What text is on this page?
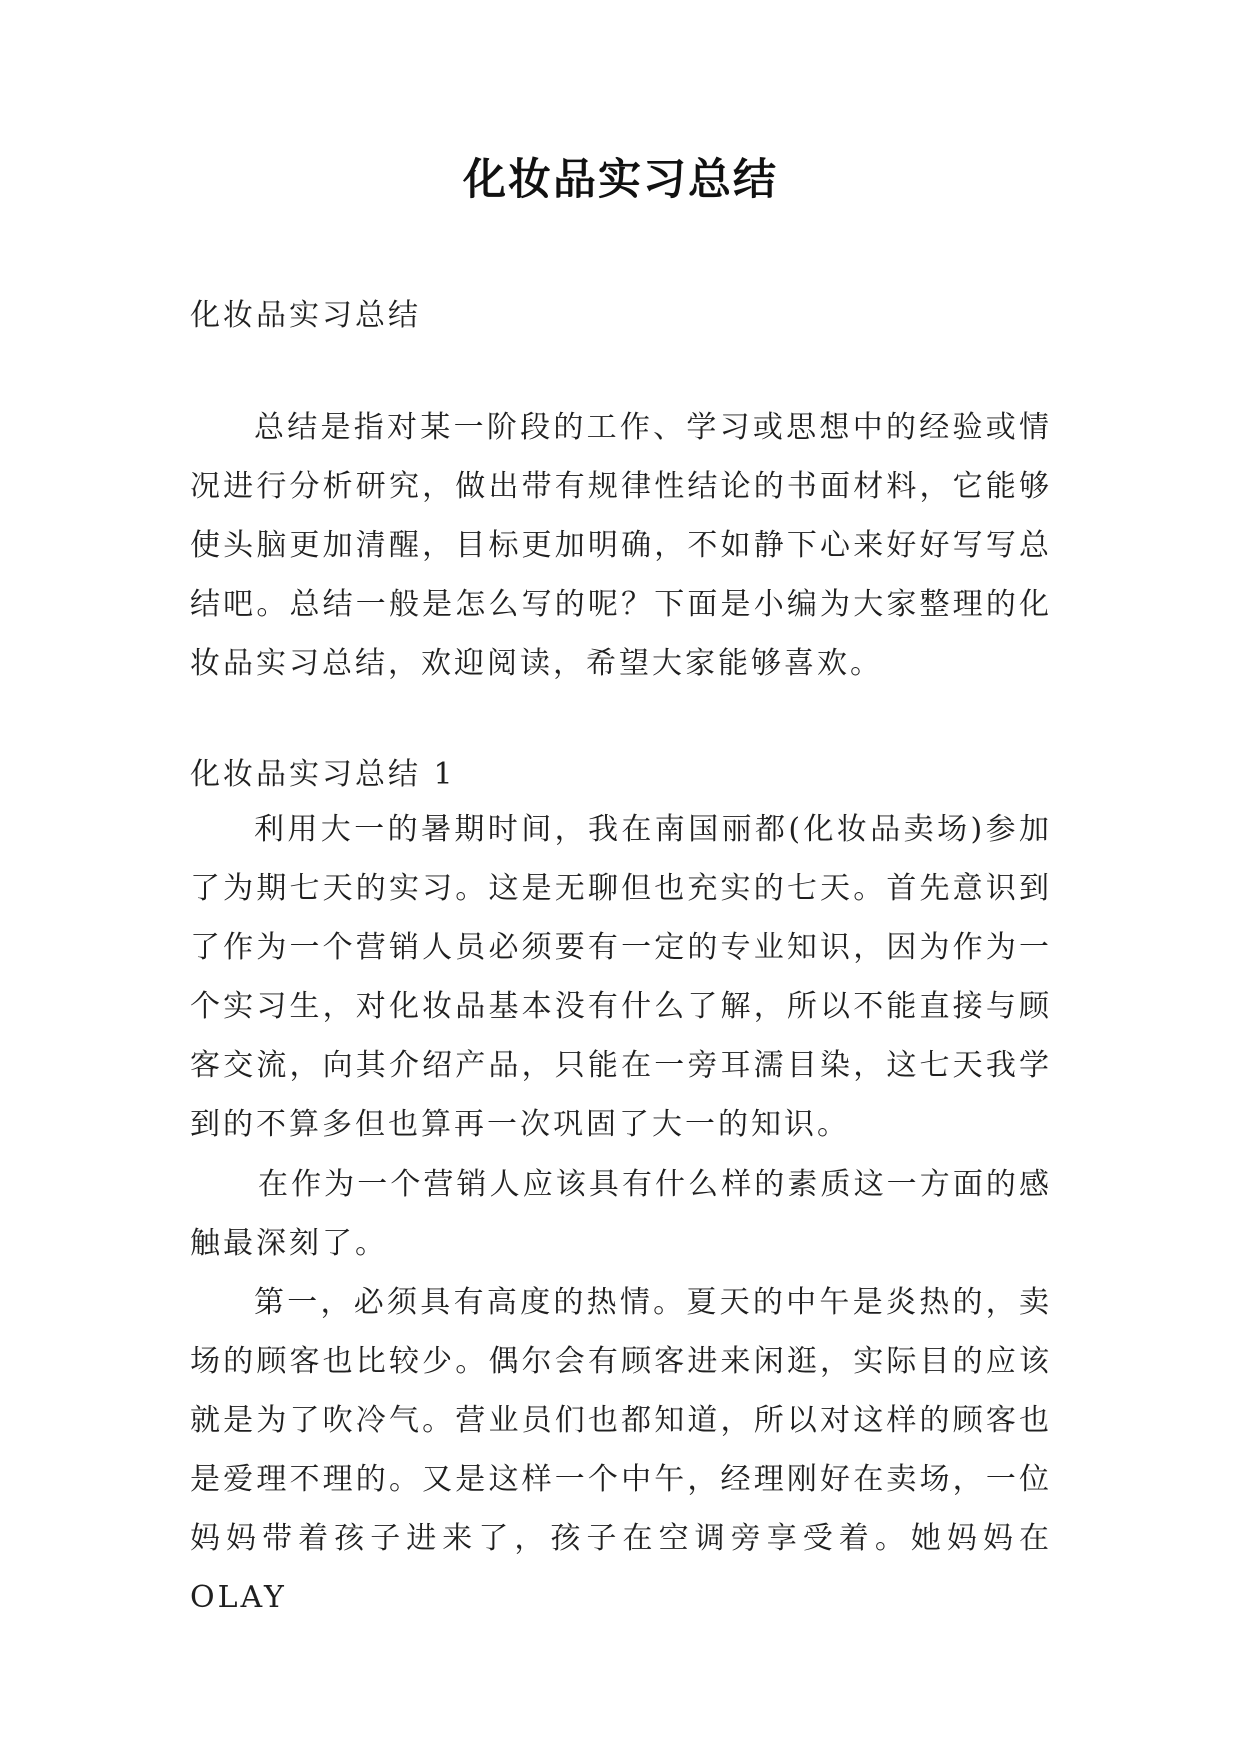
化妆品实习总结
化妆品实习总结
总结是指对某一阶段的工作、学习或思想中的经验或情况进行分析研究，做出带有规律性结论的书面材料，它能够使头脑更加清醒，目标更加明确，不如静下心来好好写写总结吧。总结一般是怎么写的呢？下面是小编为大家整理的化妆品实习总结，欢迎阅读，希望大家能够喜欢。
化妆品实习总结 1
利用大一的暑期时间，我在南国丽都(化妆品卖场)参加了为期七天的实习。这是无聊但也充实的七天。首先意识到了作为一个营销人员必须要有一定的专业知识，因为作为一个实习生，对化妆品基本没有什么了解，所以不能直接与顾客交流，向其介绍产品，只能在一旁耳濡目染，这七天我学到的不算多但也算再一次巩固了大一的知识。
在作为一个营销人应该具有什么样的素质这一方面的感触最深刻了。
第一，必须具有高度的热情。夏天的中午是炎热的，卖场的顾客也比较少。偶尔会有顾客进来闲逛，实际目的应该就是为了吹冷气。营业员们也都知道，所以对这样的顾客也是爱理不理的。又是这样一个中午，经理刚好在卖场，一位妈妈带着孩子进来了，孩子在空调旁享受着。她妈妈在 OLAY
